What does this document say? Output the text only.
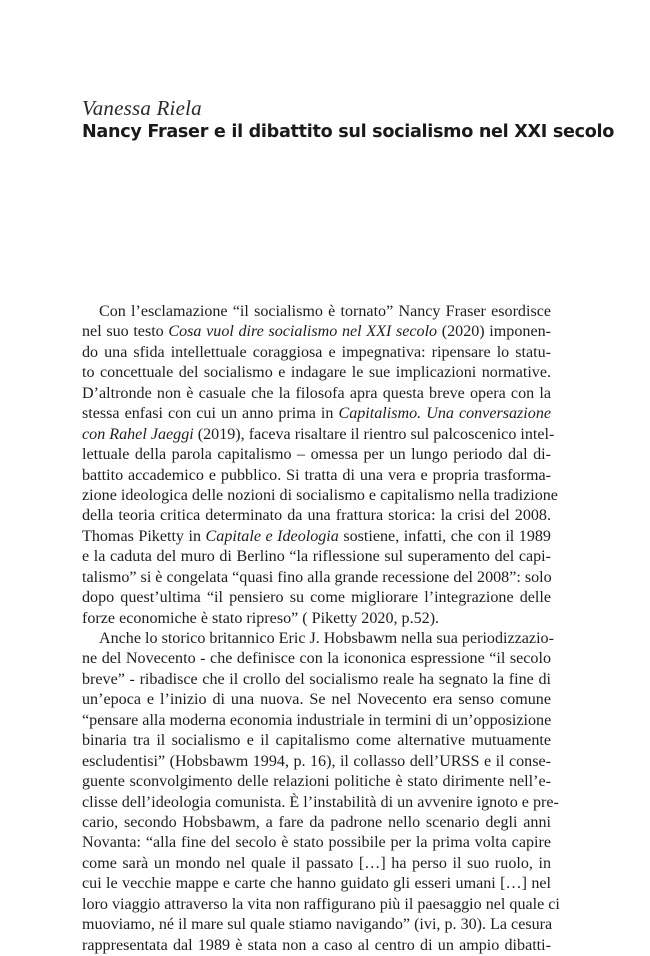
Vanessa Riela
Nancy Fraser e il dibattito sul socialismo nel XXI secolo
Con l’esclamazione “il socialismo è tornato” Nancy Fraser esordisce
nel suo testo Cosa vuol dire socialismo nel XXI secolo (2020) imponen-
do una sfida intellettuale coraggiosa e impegnativa: ripensare lo statu-
to concettuale del socialismo e indagare le sue implicazioni normative.
D’altronde non è casuale che la filosofa apra questa breve opera con la
stessa enfasi con cui un anno prima in Capitalismo. Una conversazione
con Rahel Jaeggi (2019), faceva risaltare il rientro sul palcoscenico intel-
lettuale della parola capitalismo – omessa per un lungo periodo dal di-
battito accademico e pubblico. Si tratta di una vera e propria trasforma-
zione ideologica delle nozioni di socialismo e capitalismo nella tradizione
della teoria critica determinato da una frattura storica: la crisi del 2008.
Thomas Piketty in Capitale e Ideologia sostiene, infatti, che con il 1989
e la caduta del muro di Berlino “la riflessione sul superamento del capi-
talismo” si è congelata “quasi fino alla grande recessione del 2008”: solo
dopo quest’ultima “il pensiero su come migliorare l’integrazione delle
forze economiche è stato ripreso” ( Piketty 2020, p.52).
Anche lo storico britannico Eric J. Hobsbawm nella sua periodizzazio-
ne del Novecento - che definisce con la icononica espressione “il secolo
breve” - ribadisce che il crollo del socialismo reale ha segnato la fine di
un’epoca e l’inizio di una nuova. Se nel Novecento era senso comune
“pensare alla moderna economia industriale in termini di un’opposizione
binaria tra il socialismo e il capitalismo come alternative mutuamente
escludentisi” (Hobsbawm 1994, p. 16), il collasso dell’URSS e il conse-
guente sconvolgimento delle relazioni politiche è stato dirimente nell’e-
clisse dell’ideologia comunista. È l’instabilità di un avvenire ignoto e pre-
cario, secondo Hobsbawm, a fare da padrone nello scenario degli anni
Novanta: “alla fine del secolo è stato possibile per la prima volta capire
come sarà un mondo nel quale il passato […] ha perso il suo ruolo, in
cui le vecchie mappe e carte che hanno guidato gli esseri umani […] nel
loro viaggio attraverso la vita non raffigurano più il paesaggio nel quale ci
muoviamo, né il mare sul quale stiamo navigando” (ivi, p. 30). La cesura
rappresentata dal 1989 è stata non a caso al centro di un ampio dibatti-
